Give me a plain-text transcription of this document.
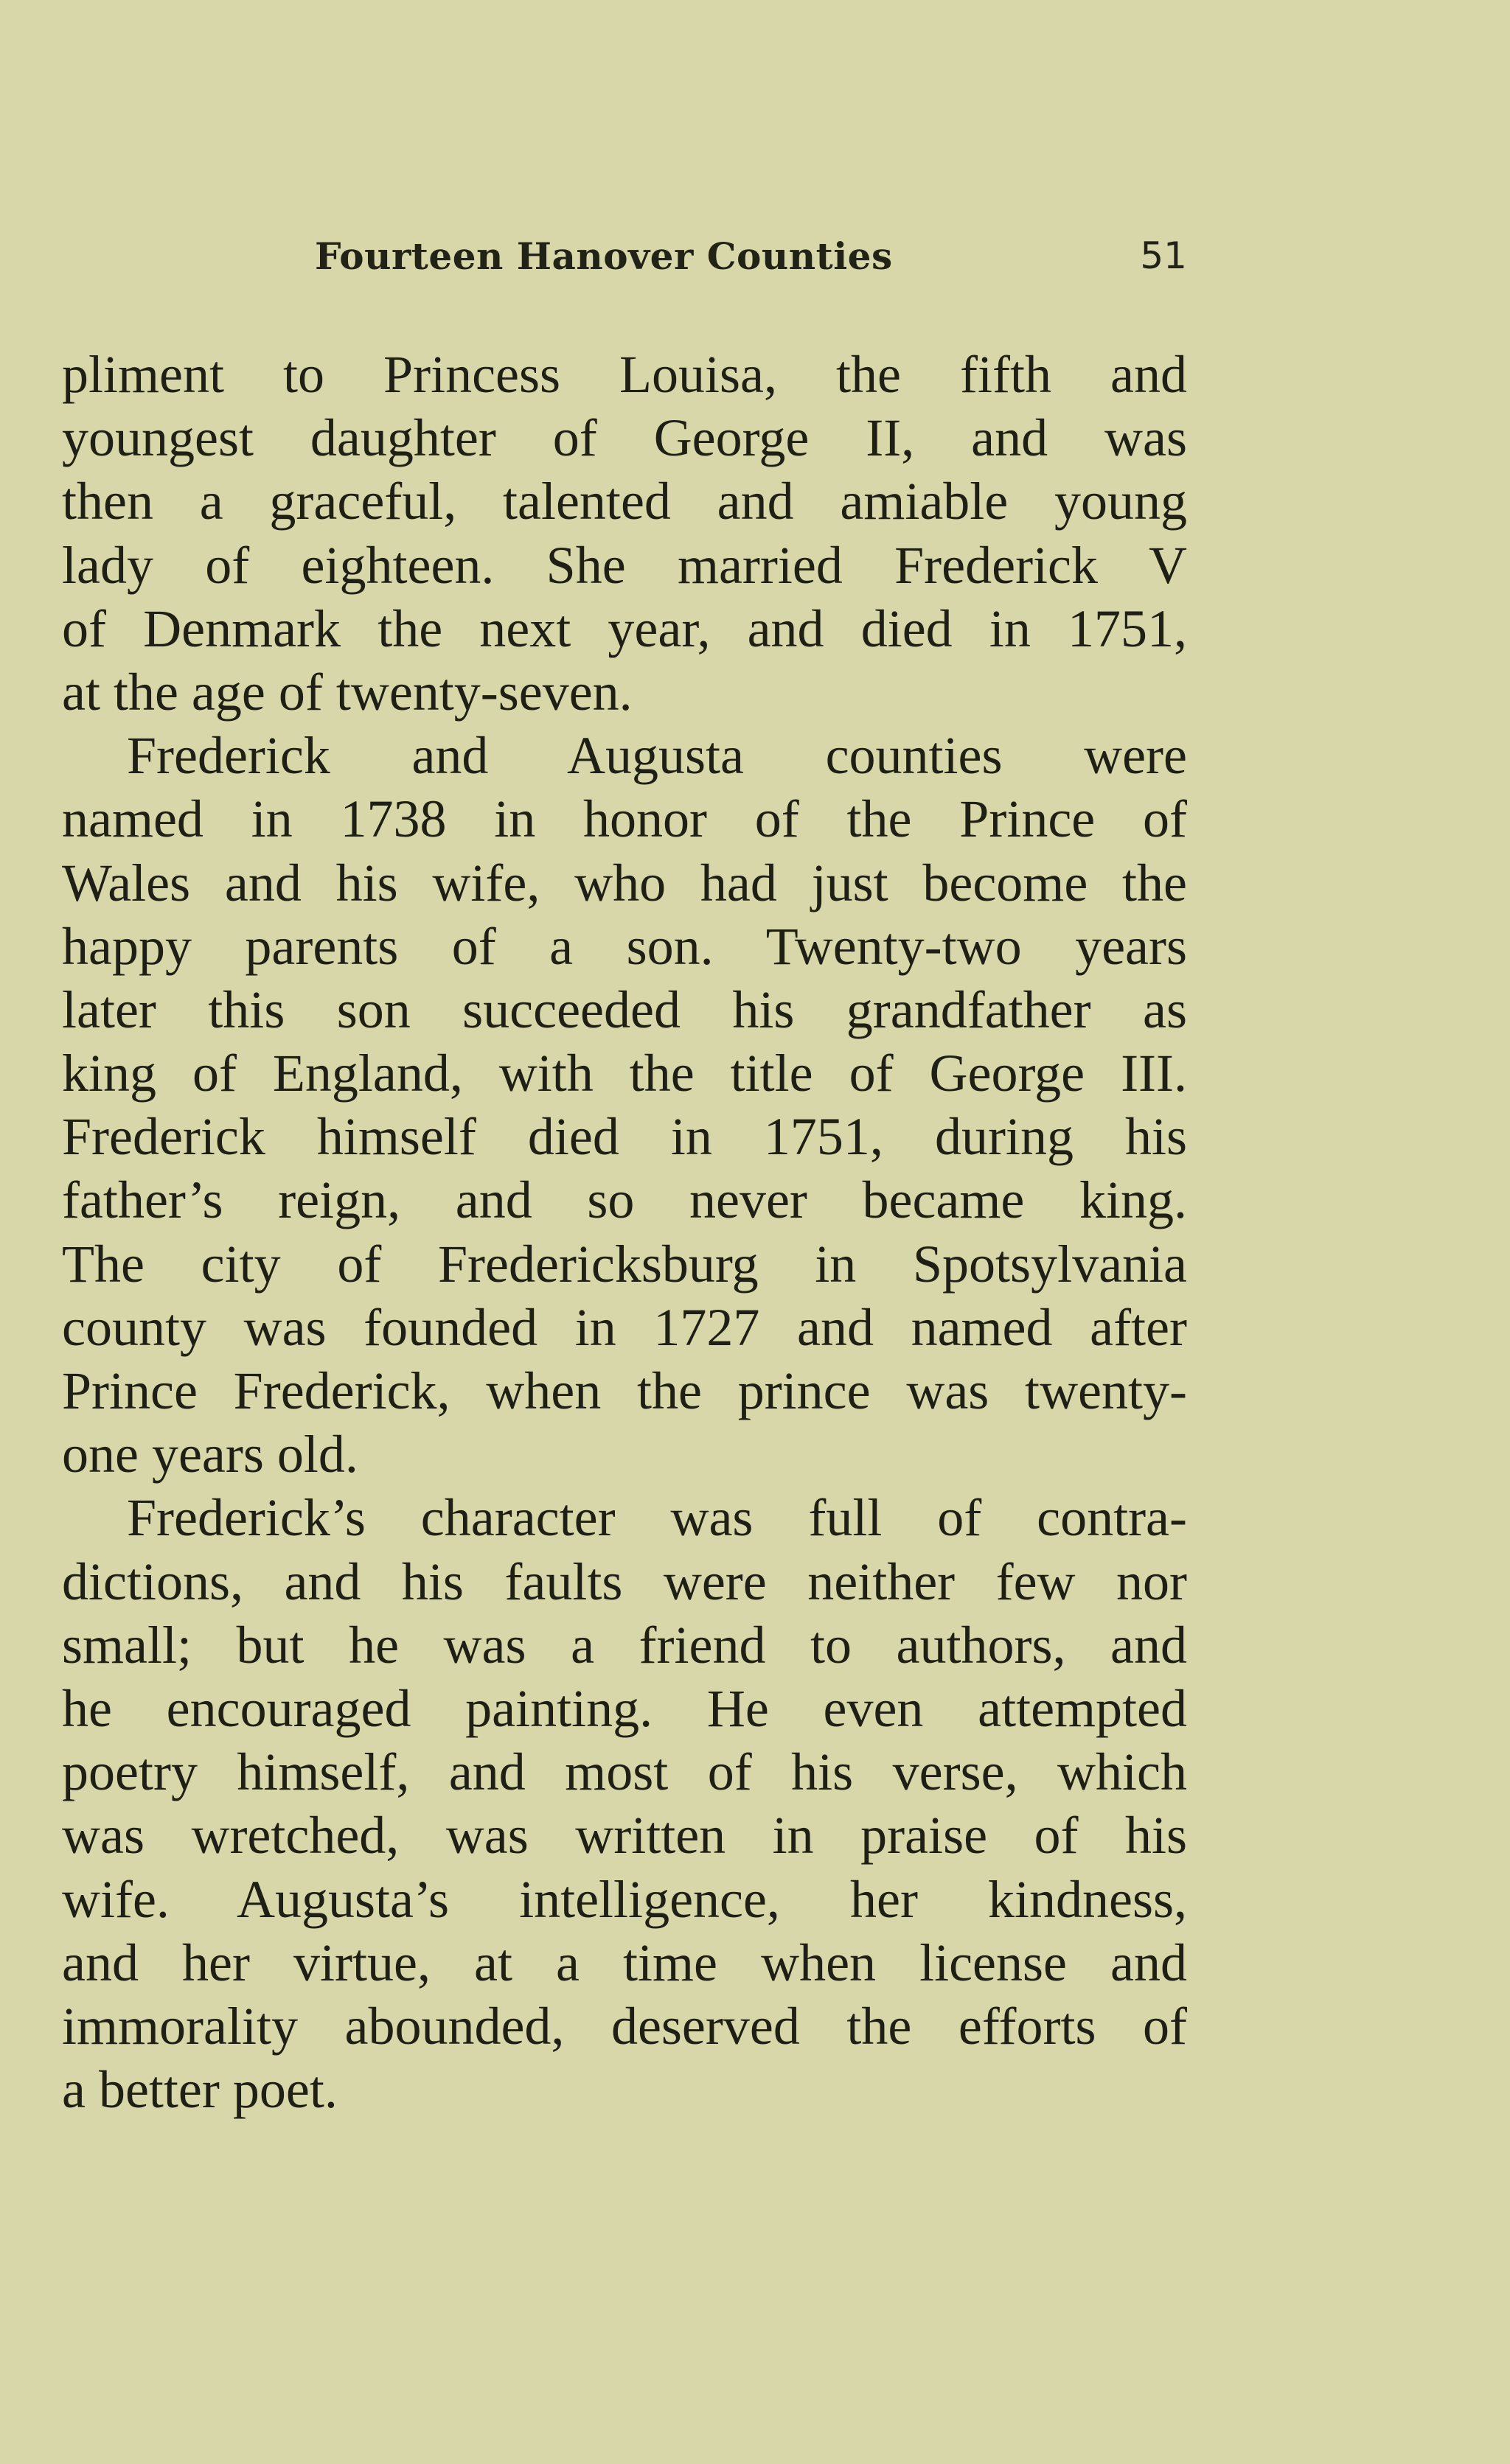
Fourteen Hanover Counties	51
pliment to Princess Louisa, the fifth and
youngest daughter of George II, and was
then a graceful, talented and amiable young
lady of eighteen. She married Frederick V
of Denmark the next year, and died in 1751,
at the age of twenty-seven.
Frederick and Augusta counties were
named in 1738 in honor of the Prince of
Wales and his wife, who had just become the
happy parents of a son. Twenty-two years
later this son succeeded his grandfather as
king of England, with the title of George III.
Frederick himself died in 1751, during his
father’s reign, and so never became king.
The city of Fredericksburg in Spotsylvania
county was founded in 1727 and named after
Prince Frederick, when the prince was twenty-
one years old.
Frederick’s character was full of contra-
dictions, and his faults were neither few nor
small; but he was a friend to authors, and
he encouraged painting. He even attempted
poetry himself, and most of his verse, which
was wretched, was written in praise of his
wife. Augusta’s intelligence, her kindness,
and her virtue, at a time when license and
immorality abounded, deserved the efforts of
a better poet.
